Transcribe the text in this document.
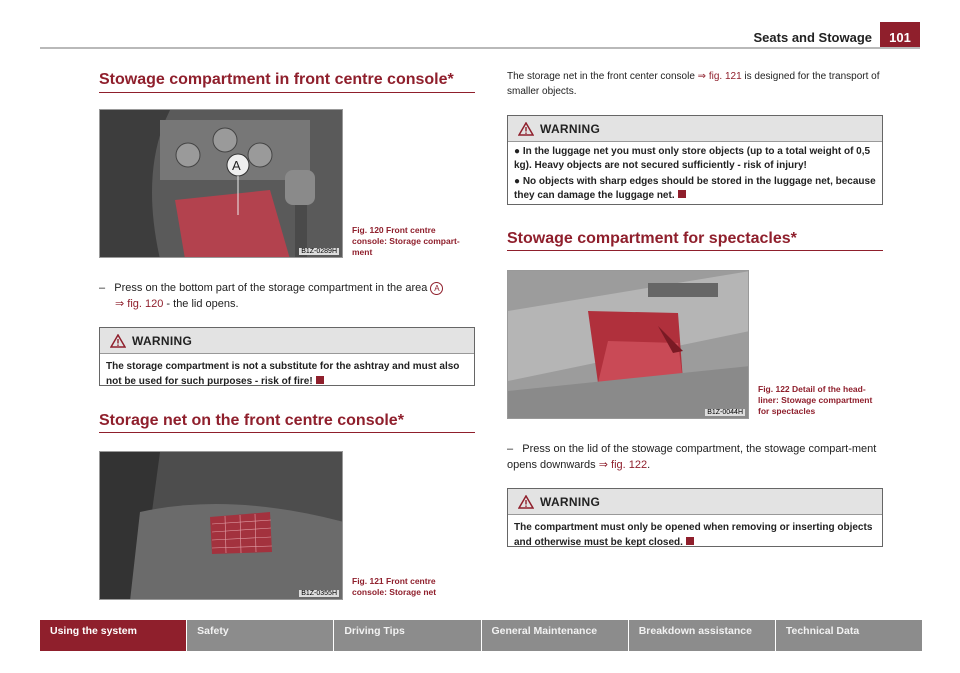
Seats and Stowage	101
Stowage compartment in front centre console*
A
B1Z-0289H
Fig. 120 Front centre console: Storage compart-ment
– Press on the bottom part of the storage compartment in the area A
⇒ fig. 120 - the lid opens.
WARNING
The storage compartment is not a substitute for the ashtray and must also not be used for such purposes - risk of fire!
Storage net on the front centre console*
B1Z-0355H
Fig. 121 Front centre console: Storage net
The storage net in the front center console ⇒ fig. 121 is designed for the transport of smaller objects.
WARNING
● In the luggage net you must only store objects (up to a total weight of 0,5 kg). Heavy objects are not secured sufficiently - risk of injury!
● No objects with sharp edges should be stored in the luggage net, because they can damage the luggage net.
Stowage compartment for spectacles*
B1Z-0044H
Fig. 122 Detail of the head-liner: Stowage compartment for spectacles
– Press on the lid of the stowage compartment, the stowage compart-ment opens downwards ⇒ fig. 122.
WARNING
The compartment must only be opened when removing or inserting objects and otherwise must be kept closed.
Using the system	Safety	Driving Tips	General Maintenance	Breakdown assistance	Technical Data
